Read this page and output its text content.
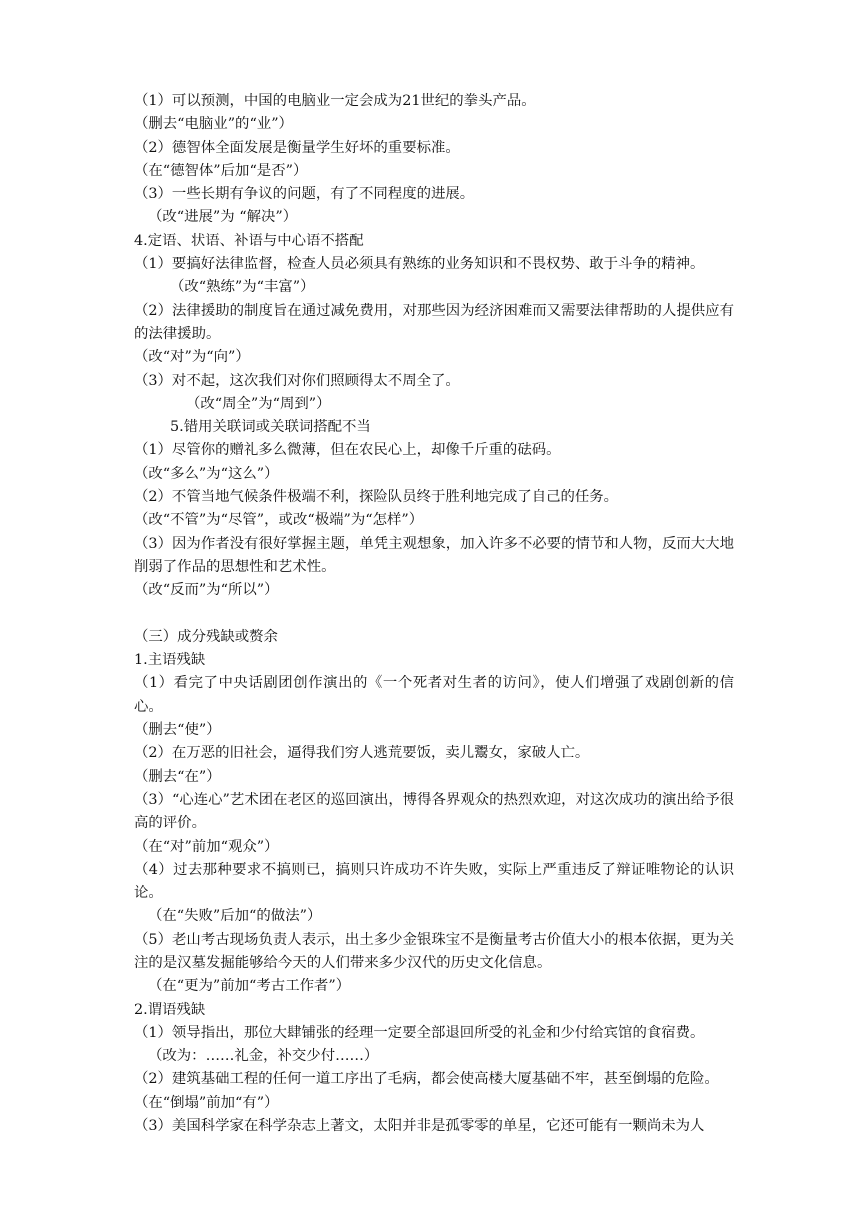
（1）可以预测，中国的电脑业一定会成为21世纪的拳头产品。
（删去“电脑业”的“业”）
（2）德智体全面发展是衡量学生好坏的重要标准。
（在“德智体”后加“是否”）
（3）一些长期有争议的问题，有了不同程度的进展。
（改“进展”为 “解决”）
4.定语、状语、补语与中心语不搭配
（1）要搞好法律监督，检查人员必须具有熟练的业务知识和不畏权势、敢于斗争的精神。
（改“熟练”为“丰富”）
（2）法律援助的制度旨在通过减免费用，对那些因为经济困难而又需要法律帮助的人提供应有的法律援助。
（改“对”为“向”）
（3）对不起，这次我们对你们照顾得太不周全了。
（改“周全”为“周到”）
5.错用关联词或关联词搭配不当
（1）尽管你的赠礼多么微薄，但在农民心上，却像千斤重的砝码。
（改“多么”为“这么”）
（2）不管当地气候条件极端不利，探险队员终于胜利地完成了自己的任务。
（改“不管”为“尽管”，或改“极端”为“怎样”）
（3）因为作者没有很好掌握主题，单凭主观想象，加入许多不必要的情节和人物，反而大大地削弱了作品的思想性和艺术性。
（改“反而”为“所以”）
（三）成分残缺或赘余
1.主语残缺
（1）看完了中央话剧团创作演出的《一个死者对生者的访问》，使人们增强了戏剧创新的信心。
（删去“使”）
（2）在万恶的旧社会，逼得我们穷人逃荒要饭，卖儿鬻女，家破人亡。
（删去“在”）
（3）“心连心”艺术团在老区的巡回演出，博得各界观众的热烈欢迎，对这次成功的演出给予很高的评价。
（在“对”前加“观众”）
（4）过去那种要求不搞则已，搞则只许成功不许失败，实际上严重违反了辩证唯物论的认识论。
（在“失败”后加“的做法”）
（5）老山考古现场负责人表示，出土多少金银珠宝不是衡量考古价值大小的根本依据，更为关注的是汉墓发掘能够给今天的人们带来多少汉代的历史文化信息。
（在“更为”前加“考古工作者”）
2.谓语残缺
（1）领导指出，那位大肆铺张的经理一定要全部退回所受的礼金和少付给宾馆的食宿费。
（改为：……礼金，补交少付……）
（2）建筑基础工程的任何一道工序出了毛病，都会使高楼大厦基础不牢，甚至倒塌的危险。
（在“倒塌”前加“有”）
（3）美国科学家在科学杂志上著文，太阳并非是孤零零的单星，它还可能有一颗尚未为人
